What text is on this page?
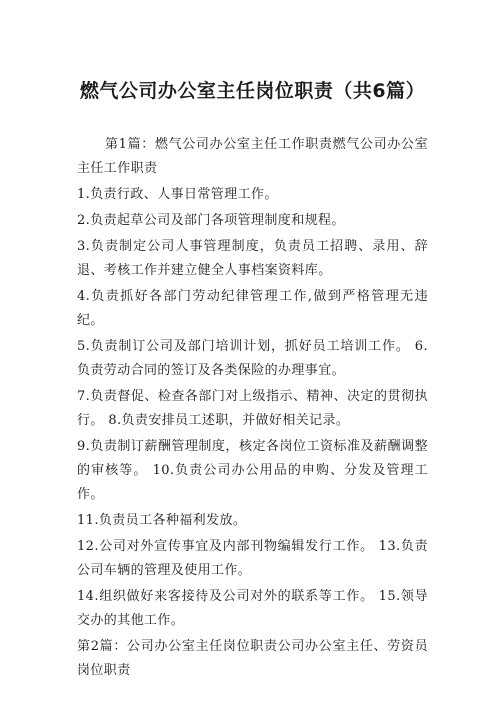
燃气公司办公室主任岗位职责（共6篇）

第1篇：燃气公司办公室主任工作职责燃气公司办公室主任工作职责

1.负责行政、人事日常管理工作。

2.负责起草公司及部门各项管理制度和规程。

3.负责制定公司人事管理制度，负责员工招聘、录用、辞退、考核工作并建立健全人事档案资料库。

4.负责抓好各部门劳动纪律管理工作,做到严格管理无违纪。

5.负责制订公司及部门培训计划，抓好员工培训工作。 6.负责劳动合同的签订及各类保险的办理事宜。

7.负责督促、检查各部门对上级指示、精神、决定的贯彻执行。 8.负责安排员工述职，并做好相关记录。

9.负责制订薪酬管理制度，核定各岗位工资标准及薪酬调整的审核等。 10.负责公司办公用品的申购、分发及管理工作。

11.负责员工各种福利发放。

12.公司对外宣传事宜及内部刊物编辑发行工作。 13.负责公司车辆的管理及使用工作。

14.组织做好来客接待及公司对外的联系等工作。 15.领导交办的其他工作。

第2篇：公司办公室主任岗位职责公司办公室主任、劳资员岗位职责
